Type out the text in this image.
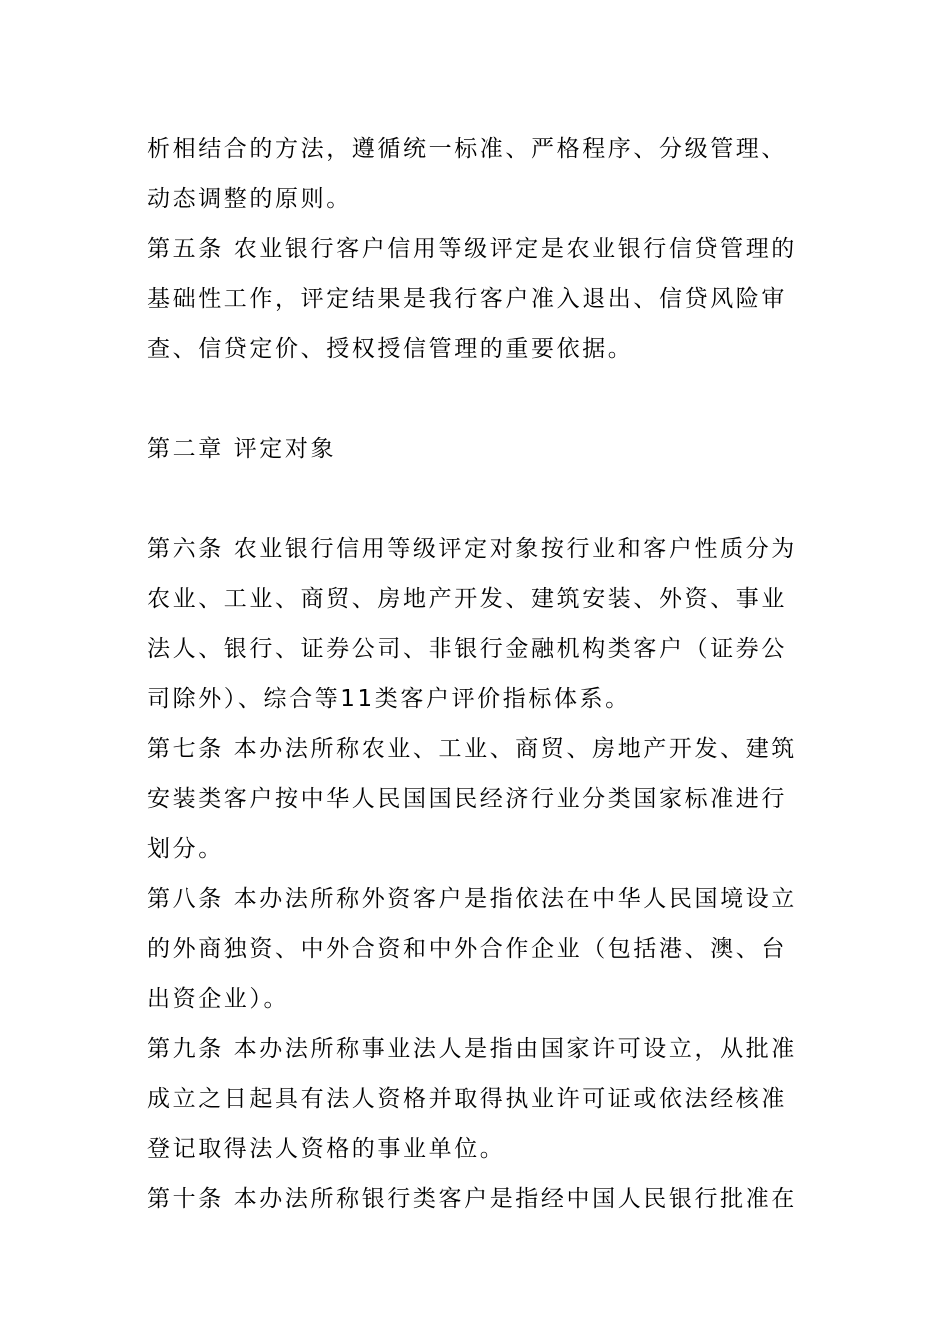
析相结合的方法，遵循统一标准、严格程序、分级管理、
动态调整的原则。
第五条 农业银行客户信用等级评定是农业银行信贷管理的
基础性工作，评定结果是我行客户准入退出、信贷风险审
查、信贷定价、授权授信管理的重要依据。
第二章 评定对象
第六条 农业银行信用等级评定对象按行业和客户性质分为
农业、工业、商贸、房地产开发、建筑安装、外资、事业
法人、银行、证券公司、非银行金融机构类客户（证券公
司除外）、综合等11类客户评价指标体系。
第七条 本办法所称农业、工业、商贸、房地产开发、建筑
安装类客户按中华人民国国民经济行业分类国家标准进行
划分。
第八条 本办法所称外资客户是指依法在中华人民国境设立
的外商独资、中外合资和中外合作企业（包括港、澳、台
出资企业）。
第九条 本办法所称事业法人是指由国家许可设立，从批准
成立之日起具有法人资格并取得执业许可证或依法经核准
登记取得法人资格的事业单位。
第十条 本办法所称银行类客户是指经中国人民银行批准在
